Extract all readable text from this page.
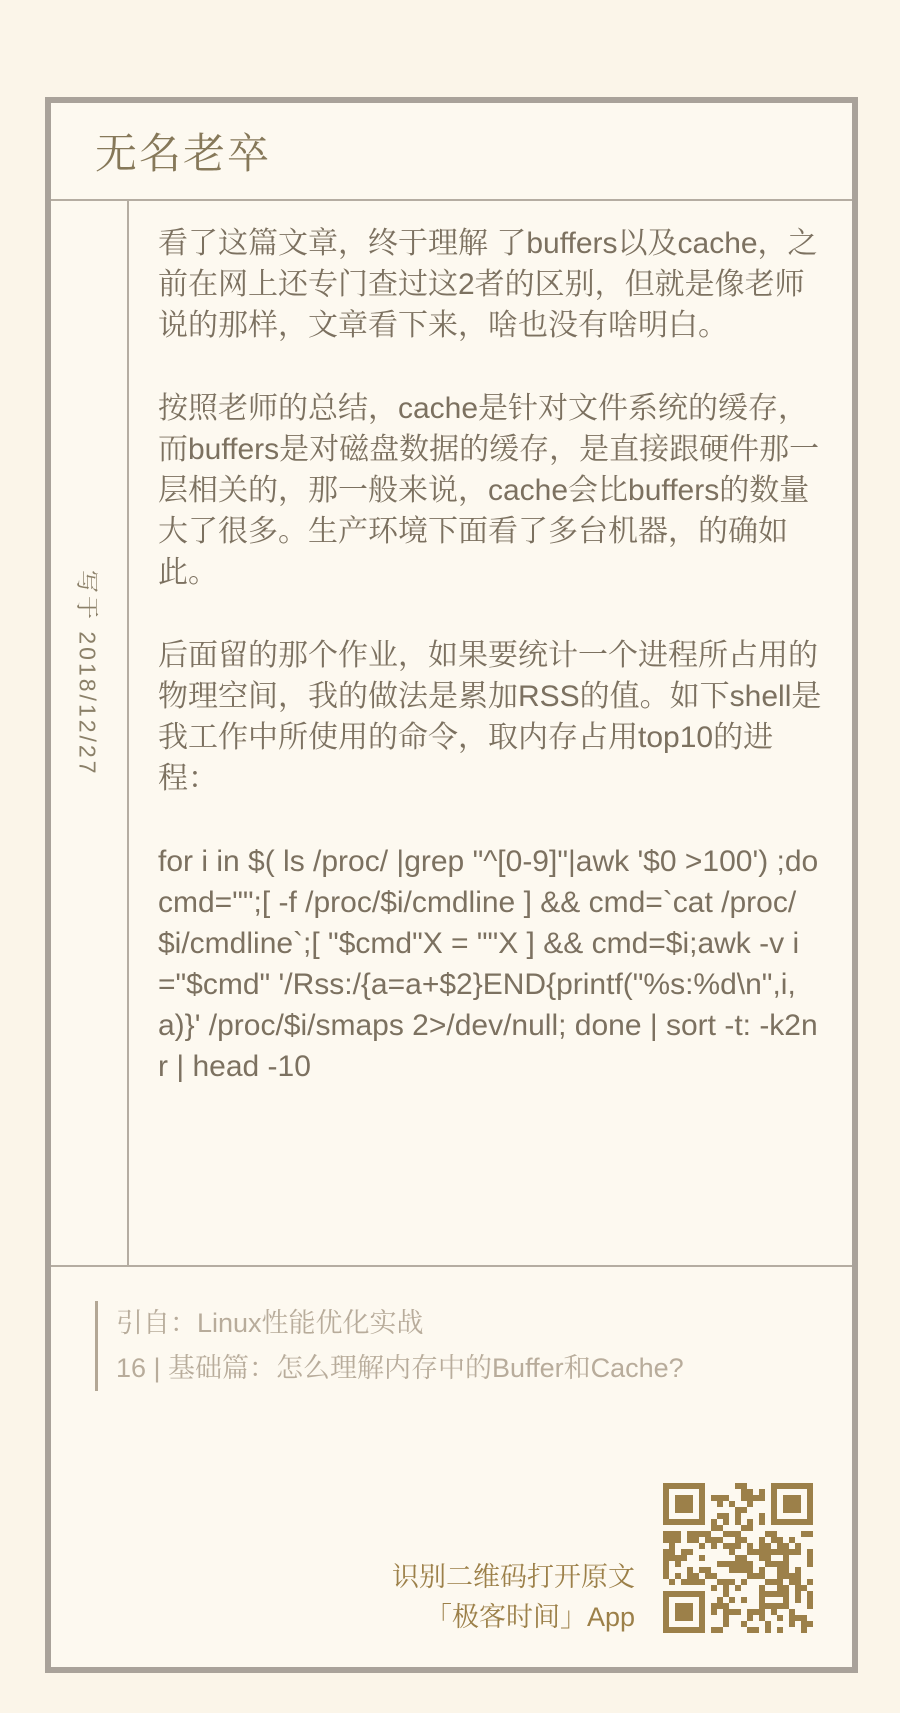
无名老卒
写于 2018/12/27

看了这篇文章，终于理解 了buffers以及cache，之前在网上还专门查过这2者的区别，但就是像老师说的那样，文章看下来，啥也没有啥明白。

按照老师的总结，cache是针对文件系统的缓存，而buffers是对磁盘数据的缓存，是直接跟硬件那一层相关的，那一般来说，cache会比buffers的数量大了很多。生产环境下面看了多台机器，的确如此。

后面留的那个作业，如果要统计一个进程所占用的物理空间，我的做法是累加RSS的值。如下shell是我工作中所使用的命令，取内存占用top10的进程：

for i in $( ls /proc/ |grep "^[0-9]"|awk '$0 >100') ;do cmd="";[ -f /proc/$i/cmdline ] && cmd=`cat /proc/$i/cmdline`;[ "$cmd"X = ""X ] && cmd=$i;awk -v i="$cmd" '/Rss:/{a=a+$2}END{printf("%s:%d\n",i,a)}' /proc/$i/smaps 2>/dev/null; done | sort -t: -k2nr | head -10

引自：Linux性能优化实战
16 | 基础篇：怎么理解内存中的Buffer和Cache?
识别二维码打开原文
「极客时间」App
